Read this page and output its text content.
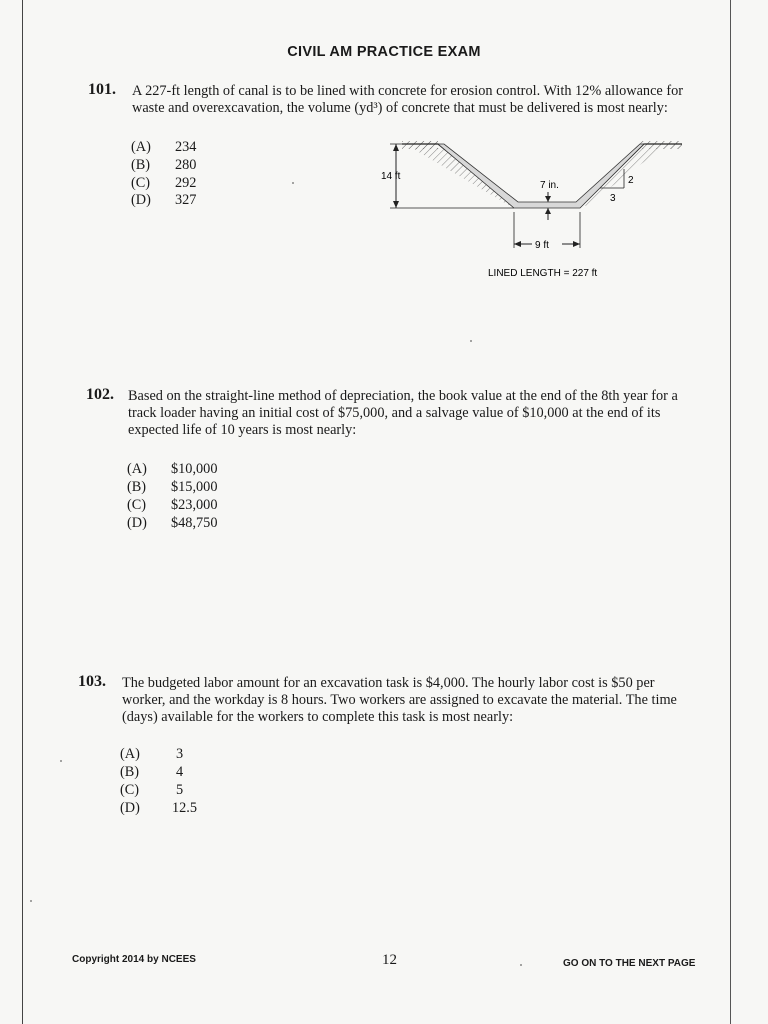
CIVIL AM PRACTICE EXAM
101. A 227-ft length of canal is to be lined with concrete for erosion control. With 12% allowance for
waste and overexcavation, the volume (yd³) of concrete that must be delivered is most nearly:
(A) 234
(B) 280
(C) 292
(D) 327
14 ft
7 in.	2
3
9 ft
LINED LENGTH = 227 ft
102. Based on the straight-line method of depreciation, the book value at the end of the 8th year for a
track loader having an initial cost of $75,000, and a salvage value of $10,000 at the end of its
expected life of 10 years is most nearly:
(A) $10,000
(B) $15,000
(C) $23,000
(D) $48,750
103. The budgeted labor amount for an excavation task is $4,000. The hourly labor cost is $50 per
worker, and the workday is 8 hours. Two workers are assigned to excavate the material. The time
(days) available for the workers to complete this task is most nearly:
(A)	3
(B)	4
(C)	5
(D) 12.5
Copyright 2014 by NCEES	12	GO ON TO THE NEXT PAGE
